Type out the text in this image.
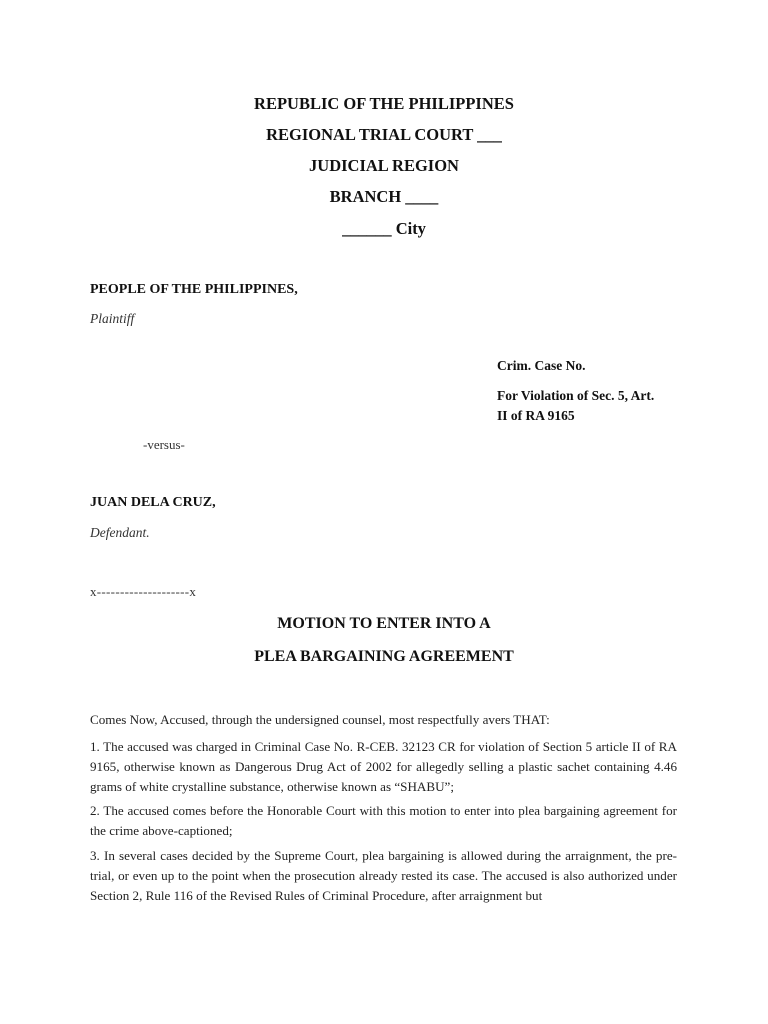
REPUBLIC OF THE PHILIPPINES
REGIONAL TRIAL COURT ___
JUDICIAL REGION
BRANCH ____
______ City
PEOPLE OF THE PHILIPPINES,
Plaintiff
Crim. Case No.
For Violation of Sec. 5, Art.
II of RA 9165
-versus-
JUAN DELA CRUZ,
Defendant.
x--------------------x
MOTION TO ENTER INTO A
PLEA BARGAINING AGREEMENT
Comes Now, Accused, through the undersigned counsel, most respectfully avers THAT:
1. The accused was charged in Criminal Case No. R-CEB. 32123 CR for violation of Section 5 article II of RA 9165, otherwise known as Dangerous Drug Act of 2002 for allegedly selling a plastic sachet containing 4.46 grams of white crystalline substance, otherwise known as “SHABU”;
2. The accused comes before the Honorable Court with this motion to enter into plea bargaining agreement for the crime above-captioned;
3. In several cases decided by the Supreme Court, plea bargaining is allowed during the arraignment, the pre-trial, or even up to the point when the prosecution already rested its case. The accused is also authorized under Section 2, Rule 116 of the Revised Rules of Criminal Procedure, after arraignment but
